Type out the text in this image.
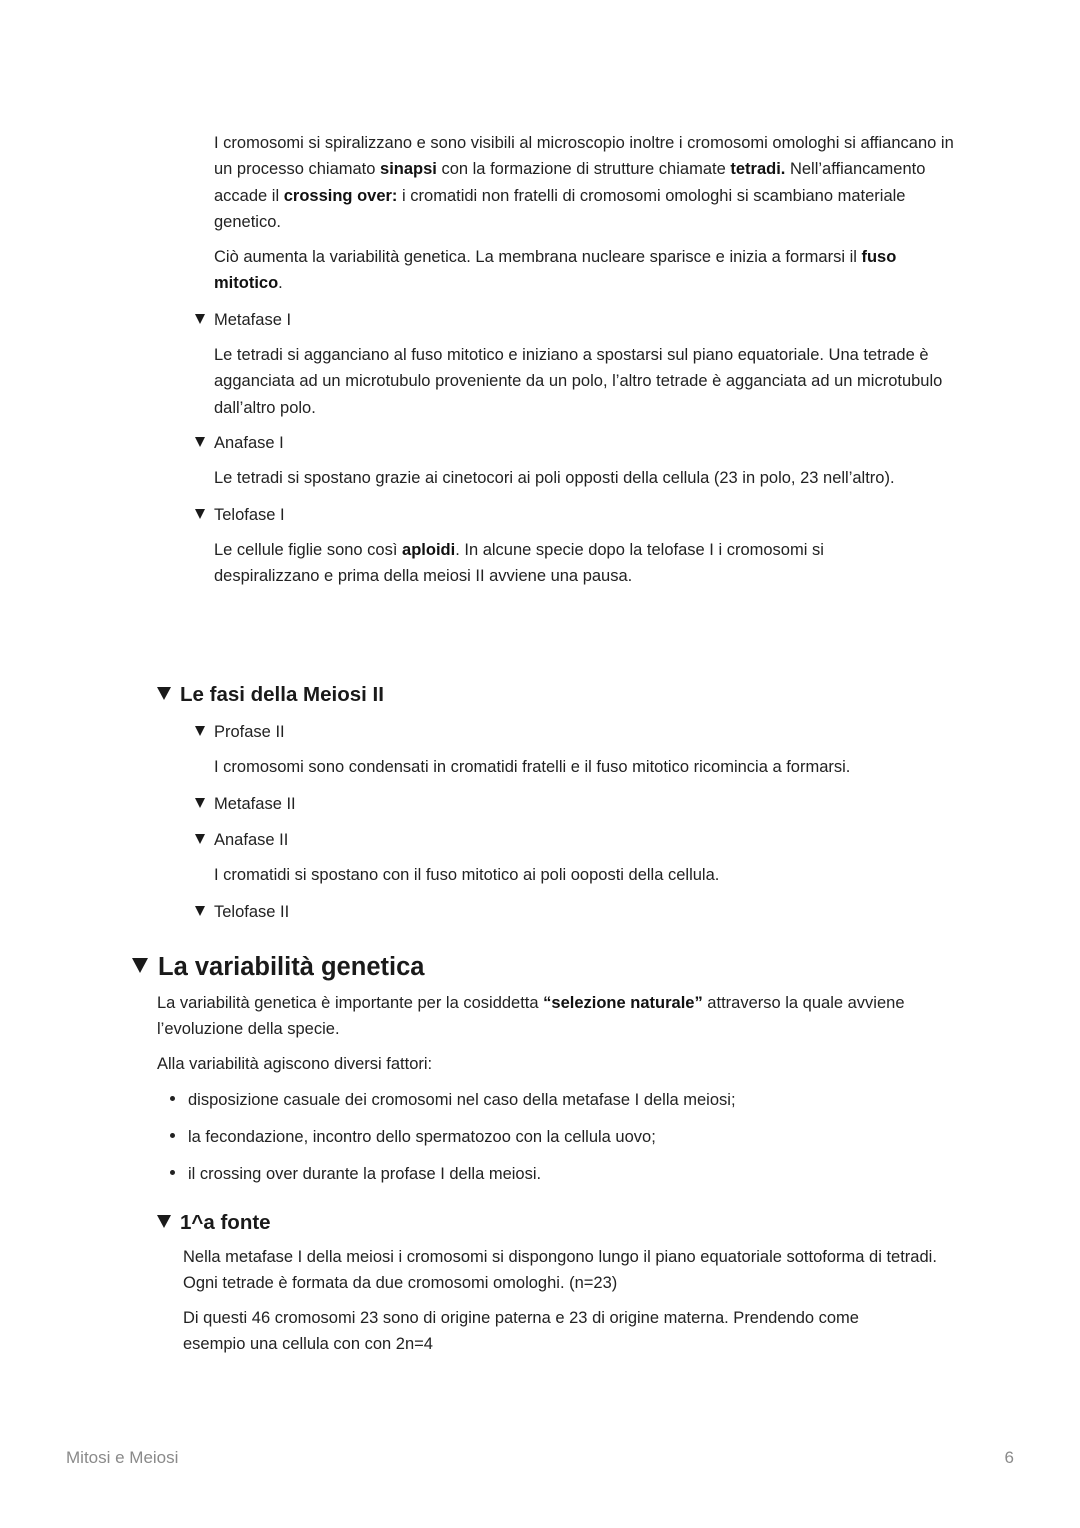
I cromosomi si spiralizzano e sono visibili al microscopio inoltre i cromosomi omologhi si affiancano in un processo chiamato sinapsi con la formazione di strutture chiamate tetradi. Nell’affiancamento accade il crossing over: i cromatidi non fratelli di cromosomi omologhi si scambiano materiale genetico.

Ciò aumenta la variabilità genetica. La membrana nucleare sparisce e inizia a formarsi il fuso mitotico.

Metafase I

Le tetradi si agganciano al fuso mitotico e iniziano a spostarsi sul piano equatoriale. Una tetrade è agganciata ad un microtubulo proveniente da un polo, l’altro tetrade è agganciata ad un microtubulo dall’altro polo.

Anafase I

Le tetradi si spostano grazie ai cinetocori ai poli opposti della cellula (23 in polo, 23 nell’altro).

Telofase I

Le cellule figlie sono così aploidi. In alcune specie dopo la telofase I i cromosomi si despiralizzano e prima della meiosi II avviene una pausa.

Le fasi della Meiosi II
Profase II

I cromosomi sono condensati in cromatidi fratelli e il fuso mitotico ricomincia a formarsi.

Metafase II
Anafase II

I cromatidi si spostano con il fuso mitotico ai poli ooposti della cellula.

Telofase II
La variabilità genetica

La variabilità genetica è importante per la cosiddetta “selezione naturale” attraverso la quale avviene l’evoluzione della specie.

Alla variabilità agiscono diversi fattori:

disposizione casuale dei cromosomi nel caso della metafase I della meiosi;
la fecondazione, incontro dello spermatozoo con la cellula uovo;
il crossing over durante la profase I della meiosi.
1^a fonte

Nella metafase I della meiosi i cromosomi si dispongono lungo il piano equatoriale sottoforma di tetradi. Ogni tetrade è formata da due cromosomi omologhi. (n=23)

Di questi 46 cromosomi 23 sono di origine paterna e 23 di origine materna. Prendendo come esempio una cellula con con 2n=4

Mitosi e Meiosi	6
